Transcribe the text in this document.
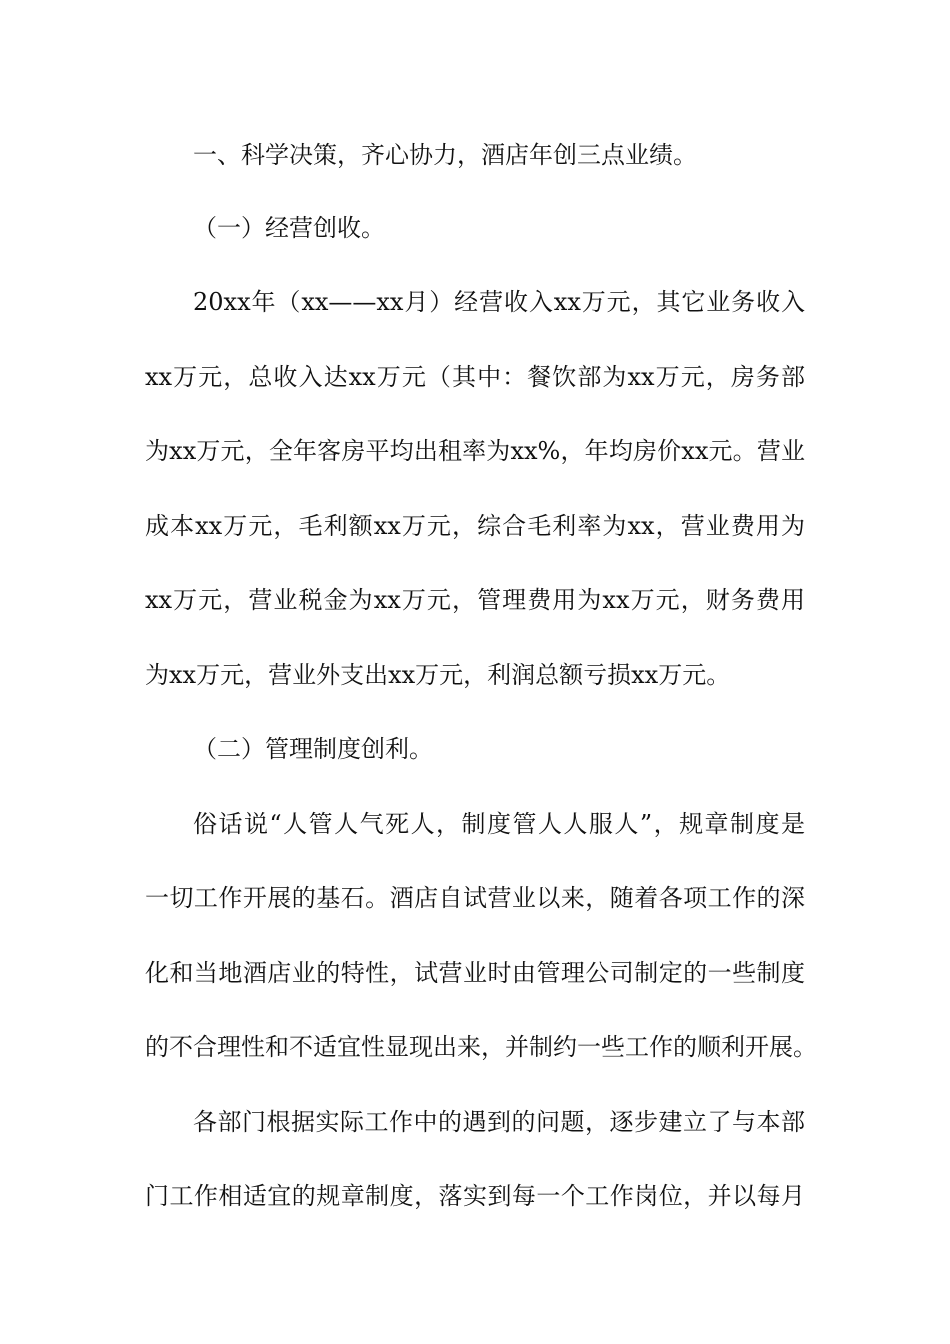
一、科学决策，齐心协力，酒店年创三点业绩。
（一）经营创收。
20xx年（xx——xx月）经营收入xx万元，其它业务收入
xx万元，总收入达xx万元（其中：餐饮部为xx万元，房务部
为xx万元，全年客房平均出租率为xx%，年均房价xx元。营业
成本xx万元，毛利额xx万元，综合毛利率为xx，营业费用为
xx万元，营业税金为xx万元，管理费用为xx万元，财务费用
为xx万元，营业外支出xx万元，利润总额亏损xx万元。
（二）管理制度创利。
俗话说“人管人气死人，制度管人人服人”，规章制度是
一切工作开展的基石。酒店自试营业以来，随着各项工作的深
化和当地酒店业的特性，试营业时由管理公司制定的一些制度
的不合理性和不适宜性显现出来，并制约一些工作的顺利开展。
各部门根据实际工作中的遇到的问题，逐步建立了与本部
门工作相适宜的规章制度，落实到每一个工作岗位，并以每月
